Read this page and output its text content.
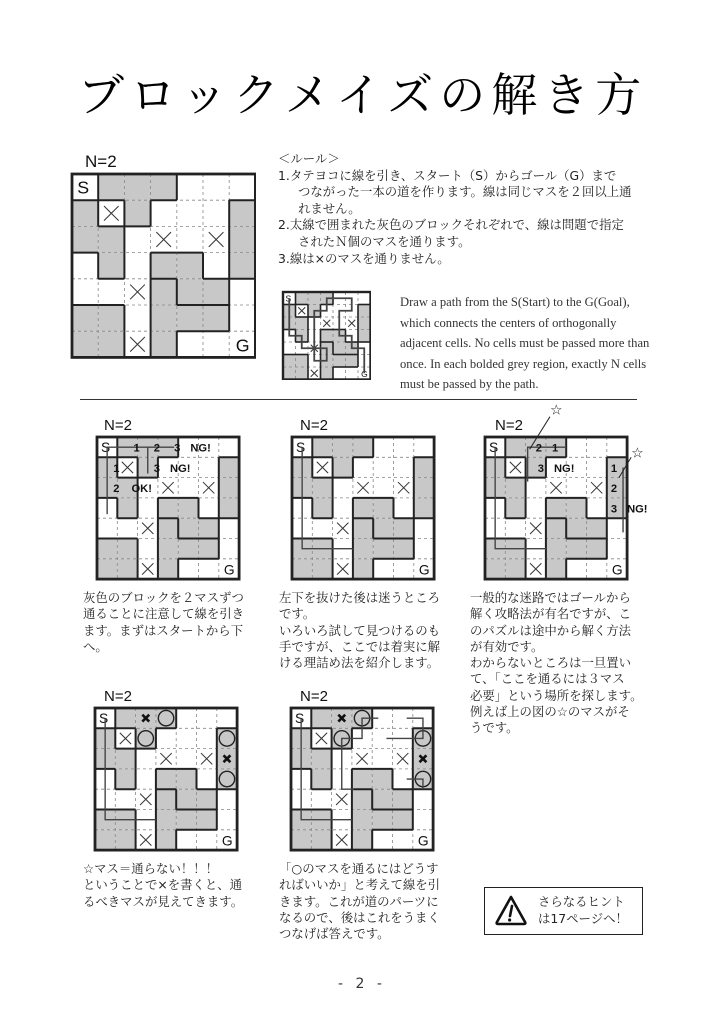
ブロックメイズの解き方
N=2
S
G
＜ルール＞
1.タテヨコに線を引き、スタート（S）からゴール（G）まで
つながった一本の道を作ります。線は同じマスを２回以上通
れません。
2.太線で囲まれた灰色のブロックそれぞれで、線は問題で指定
されたＮ個のマスを通ります。
3.線は×のマスを通りません。
S
G
Draw a path from the S(Start) to the G(Goal), which connects the centers of orthogonally adjacent cells. No cells must be passed more than once. In each bolded grey region, exactly N cells must be passed by the path.
N=2
S
G
1 2 3 NG!
3 NG!
1
2 OK!
灰色のブロックを２マスずつ
通ることに注意して線を引き
ます。まずはスタートから下
へ。
N=2
S
G
左下を抜けた後は迷うところ
です。
いろいろ試して見つけるのも
手ですが、ここでは着実に解
ける理詰め法を紹介します。
N=2
S
G
2 1
3 NG!	1
2
3 NG!
☆
☆
一般的な迷路ではゴールから
解く攻略法が有名ですが、こ
のパズルは途中から解く方法
が有効です。
わからないところは一旦置い
て、「ここを通るには３マス
必要」という場所を探します。
例えば上の図の☆のマスがそ
うです。
N=2
S
G
☆マス＝通らない！！！
ということで×を書くと、通
るべきマスが見えてきます。
N=2
S
G
「○のマスを通るにはどうす
ればいいか」と考えて線を引
きます。これが道のパーツに
なるので、後はこれをうまく
つなげば答えです。
さらなるヒント
は17ページへ！
- 2 -
